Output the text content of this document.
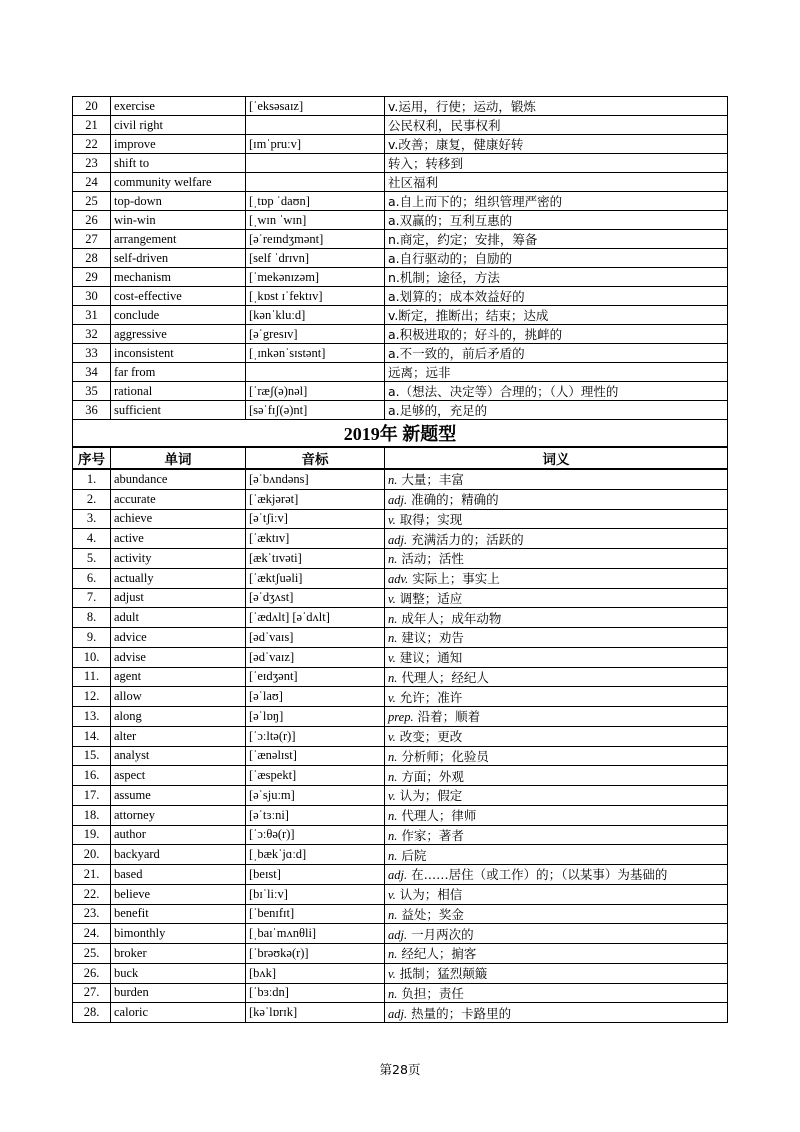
20	exercise	[ˈeksəsaɪz]	v.运用，行使；运动，锻炼
21	civil right		公民权利，民事权利
22	improve	[ɪmˈpruːv]	v.改善；康复，健康好转
23	shift to		转入；转移到
24	community welfare		社区福利
25	top-down	[ˌtɒp ˈdaʊn]	a.自上而下的；组织管理严密的
26	win-win	[ˌwɪn ˈwɪn]	a.双赢的；互利互惠的
27	arrangement	[əˈreɪndʒmənt]	n.商定，约定；安排，筹备
28	self-driven	[self ˈdrɪvn]	a.自行驱动的；自励的
29	mechanism	[ˈmekənɪzəm]	n.机制；途径，方法
30	cost-effective	[ˌkɒst ɪˈfektɪv]	a.划算的；成本效益好的
31	conclude	[kənˈkluːd]	v.断定，推断出；结束；达成
32	aggressive	[əˈgresɪv]	a.积极进取的；好斗的，挑衅的
33	inconsistent	[ˌɪnkənˈsɪstənt]	a.不一致的，前后矛盾的
34	far from		远离；远非
35	rational	[ˈræʃ(ə)nəl]	a.（想法、决定等）合理的；（人）理性的
36	sufficient	[səˈfɪʃ(ə)nt]	a.足够的，充足的
2019年 新题型			
序号	单词	音标	词义
1.	abundance	[əˈbʌndəns]	n. 大量；丰富
2.	accurate	[ˈækjərət]	adj. 准确的；精确的
3.	achieve	[əˈtʃiːv]	v. 取得；实现
4.	active	[ˈæktɪv]	adj. 充满活力的；活跃的
5.	activity	[ækˈtɪvəti]	n. 活动；活性
6.	actually	[ˈæktʃuəli]	adv. 实际上；事实上
7.	adjust	[əˈdʒʌst]	v. 调整；适应
8.	adult	[ˈædʌlt] [əˈdʌlt]	n. 成年人；成年动物
9.	advice	[ədˈvaɪs]	n. 建议；劝告
10.	advise	[ədˈvaɪz]	v. 建议；通知
11.	agent	[ˈeɪdʒənt]	n. 代理人；经纪人
12.	allow	[əˈlaʊ]	v. 允许；准许
13.	along	[əˈlɒŋ]	prep. 沿着；顺着
14.	alter	[ˈɔːltə(r)]	v. 改变；更改
15.	analyst	[ˈænəlɪst]	n. 分析师；化验员
16.	aspect	[ˈæspekt]	n. 方面；外观
17.	assume	[əˈsjuːm]	v. 认为；假定
18.	attorney	[əˈtɜːni]	n. 代理人；律师
19.	author	[ˈɔːθə(r)]	n. 作家；著者
20.	backyard	[ˌbækˈjɑːd]	n. 后院
21.	based	[beɪst]	adj. 在……居住（或工作）的；（以某事）为基础的
22.	believe	[bɪˈliːv]	v. 认为；相信
23.	benefit	[ˈbenɪfɪt]	n. 益处；奖金
24.	bimonthly	[ˌbaɪˈmʌnθli]	adj. 一月两次的
25.	broker	[ˈbrəʊkə(r)]	n. 经纪人；掮客
26.	buck	[bʌk]	v. 抵制；猛烈颠簸
27.	burden	[ˈbɜːdn]	n. 负担；责任
28.	caloric	[kəˈlɒrɪk]	adj. 热量的；卡路里的
第28页
